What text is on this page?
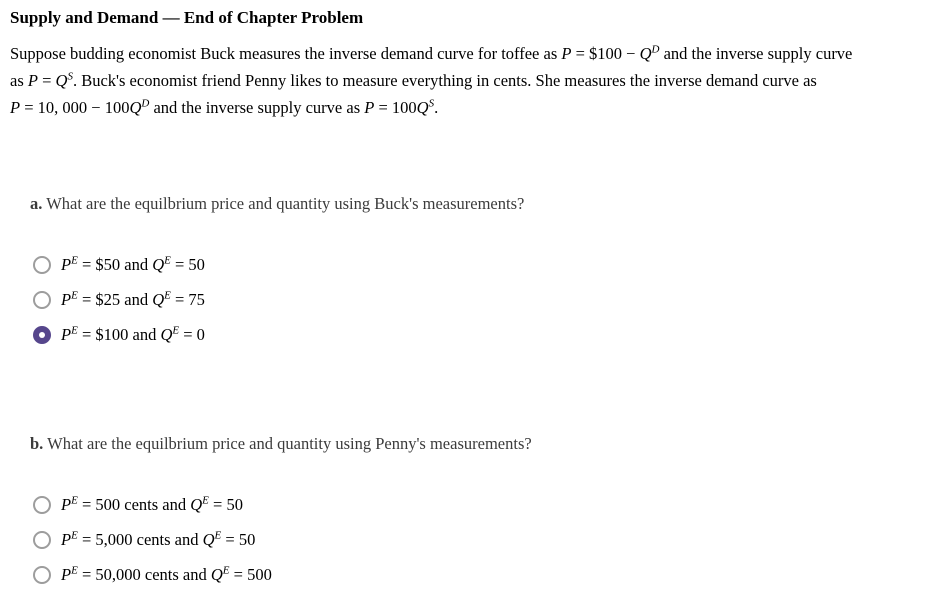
Supply and Demand — End of Chapter Problem
Suppose budding economist Buck measures the inverse demand curve for toffee as P = $100 − $Q^D$ and the inverse supply curve
as $P = Q^S$. Buck's economist friend Penny likes to measure everything in cents. She measures the inverse demand curve as
P = 10, $000 - 100Q^D$ and the inverse supply curve as $P = 100Q^S$.

a. What are the equilbrium price and quantity using Buck's measurements?

$P^E$ = $50 and $Q^E = 50$
$P^E$ = $25 and $Q^E = 75$
$P^E$ = $100 and $Q^E = 0$

b. What are the equilbrium price and quantity using Penny's measurements?

$P^E = 500$ cents and $Q^E = 50$
$P^E = 5,000$ cents and $Q^E = 50$
$P^E = 50,000$ cents and $Q^E = 500$
